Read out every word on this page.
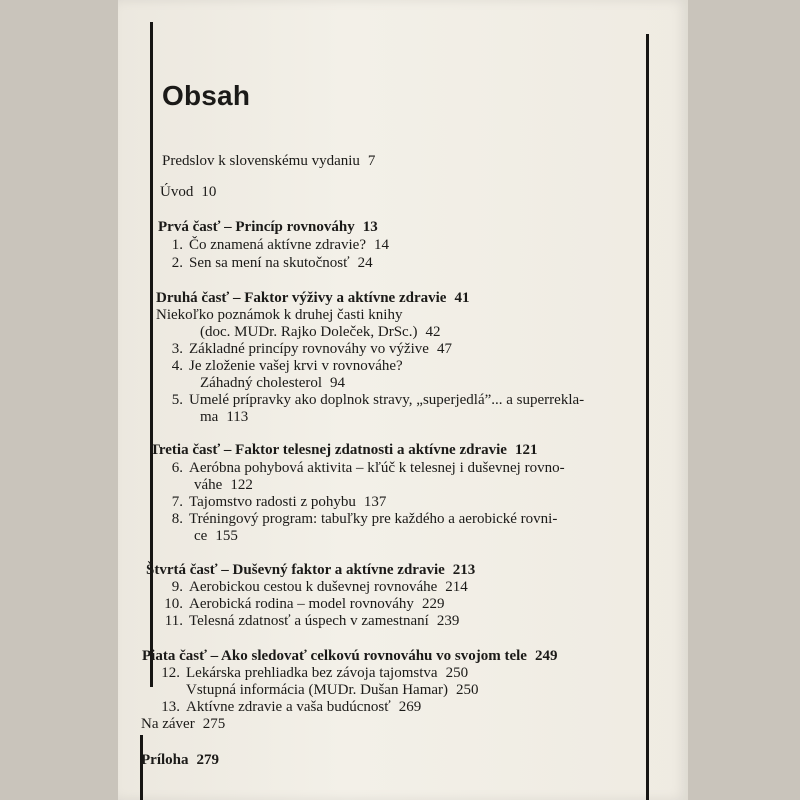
Obsah
Predslov k slovenskému vydaniu 7
Úvod 10
Prvá časť – Princíp rovnováhy 13
1. Čo znamená aktívne zdravie? 14
2. Sen sa mení na skutočnosť 24
Druhá časť – Faktor výživy a aktívne zdravie 41
Niekoľko poznámok k druhej časti knihy
(doc. MUDr. Rajko Doleček, DrSc.) 42
3. Základné princípy rovnováhy vo výžive 47
4. Je zloženie vašej krvi v rovnováhe?
Záhadný cholesterol 94
5. Umelé prípravky ako doplnok stravy, „superjedlá”... a superrekla-
ma 113
Tretia časť – Faktor telesnej zdatnosti a aktívne zdravie 121
6. Aeróbna pohybová aktivita – kľúč k telesnej i duševnej rovno-
váhe 122
7. Tajomstvo radosti z pohybu 137
8. Tréningový program: tabuľky pre každého a aerobické rovni-
ce 155
Štvrtá časť – Duševný faktor a aktívne zdravie 213
9. Aerobickou cestou k duševnej rovnováhe 214
10. Aerobická rodina – model rovnováhy 229
11. Telesná zdatnosť a úspech v zamestnaní 239
Piata časť – Ako sledovať celkovú rovnováhu vo svojom tele 249
12. Lekárska prehliadka bez závoja tajomstva 250
Vstupná informácia (MUDr. Dušan Hamar) 250
13. Aktívne zdravie a vaša budúcnosť 269
Na záver 275
Príloha 279
